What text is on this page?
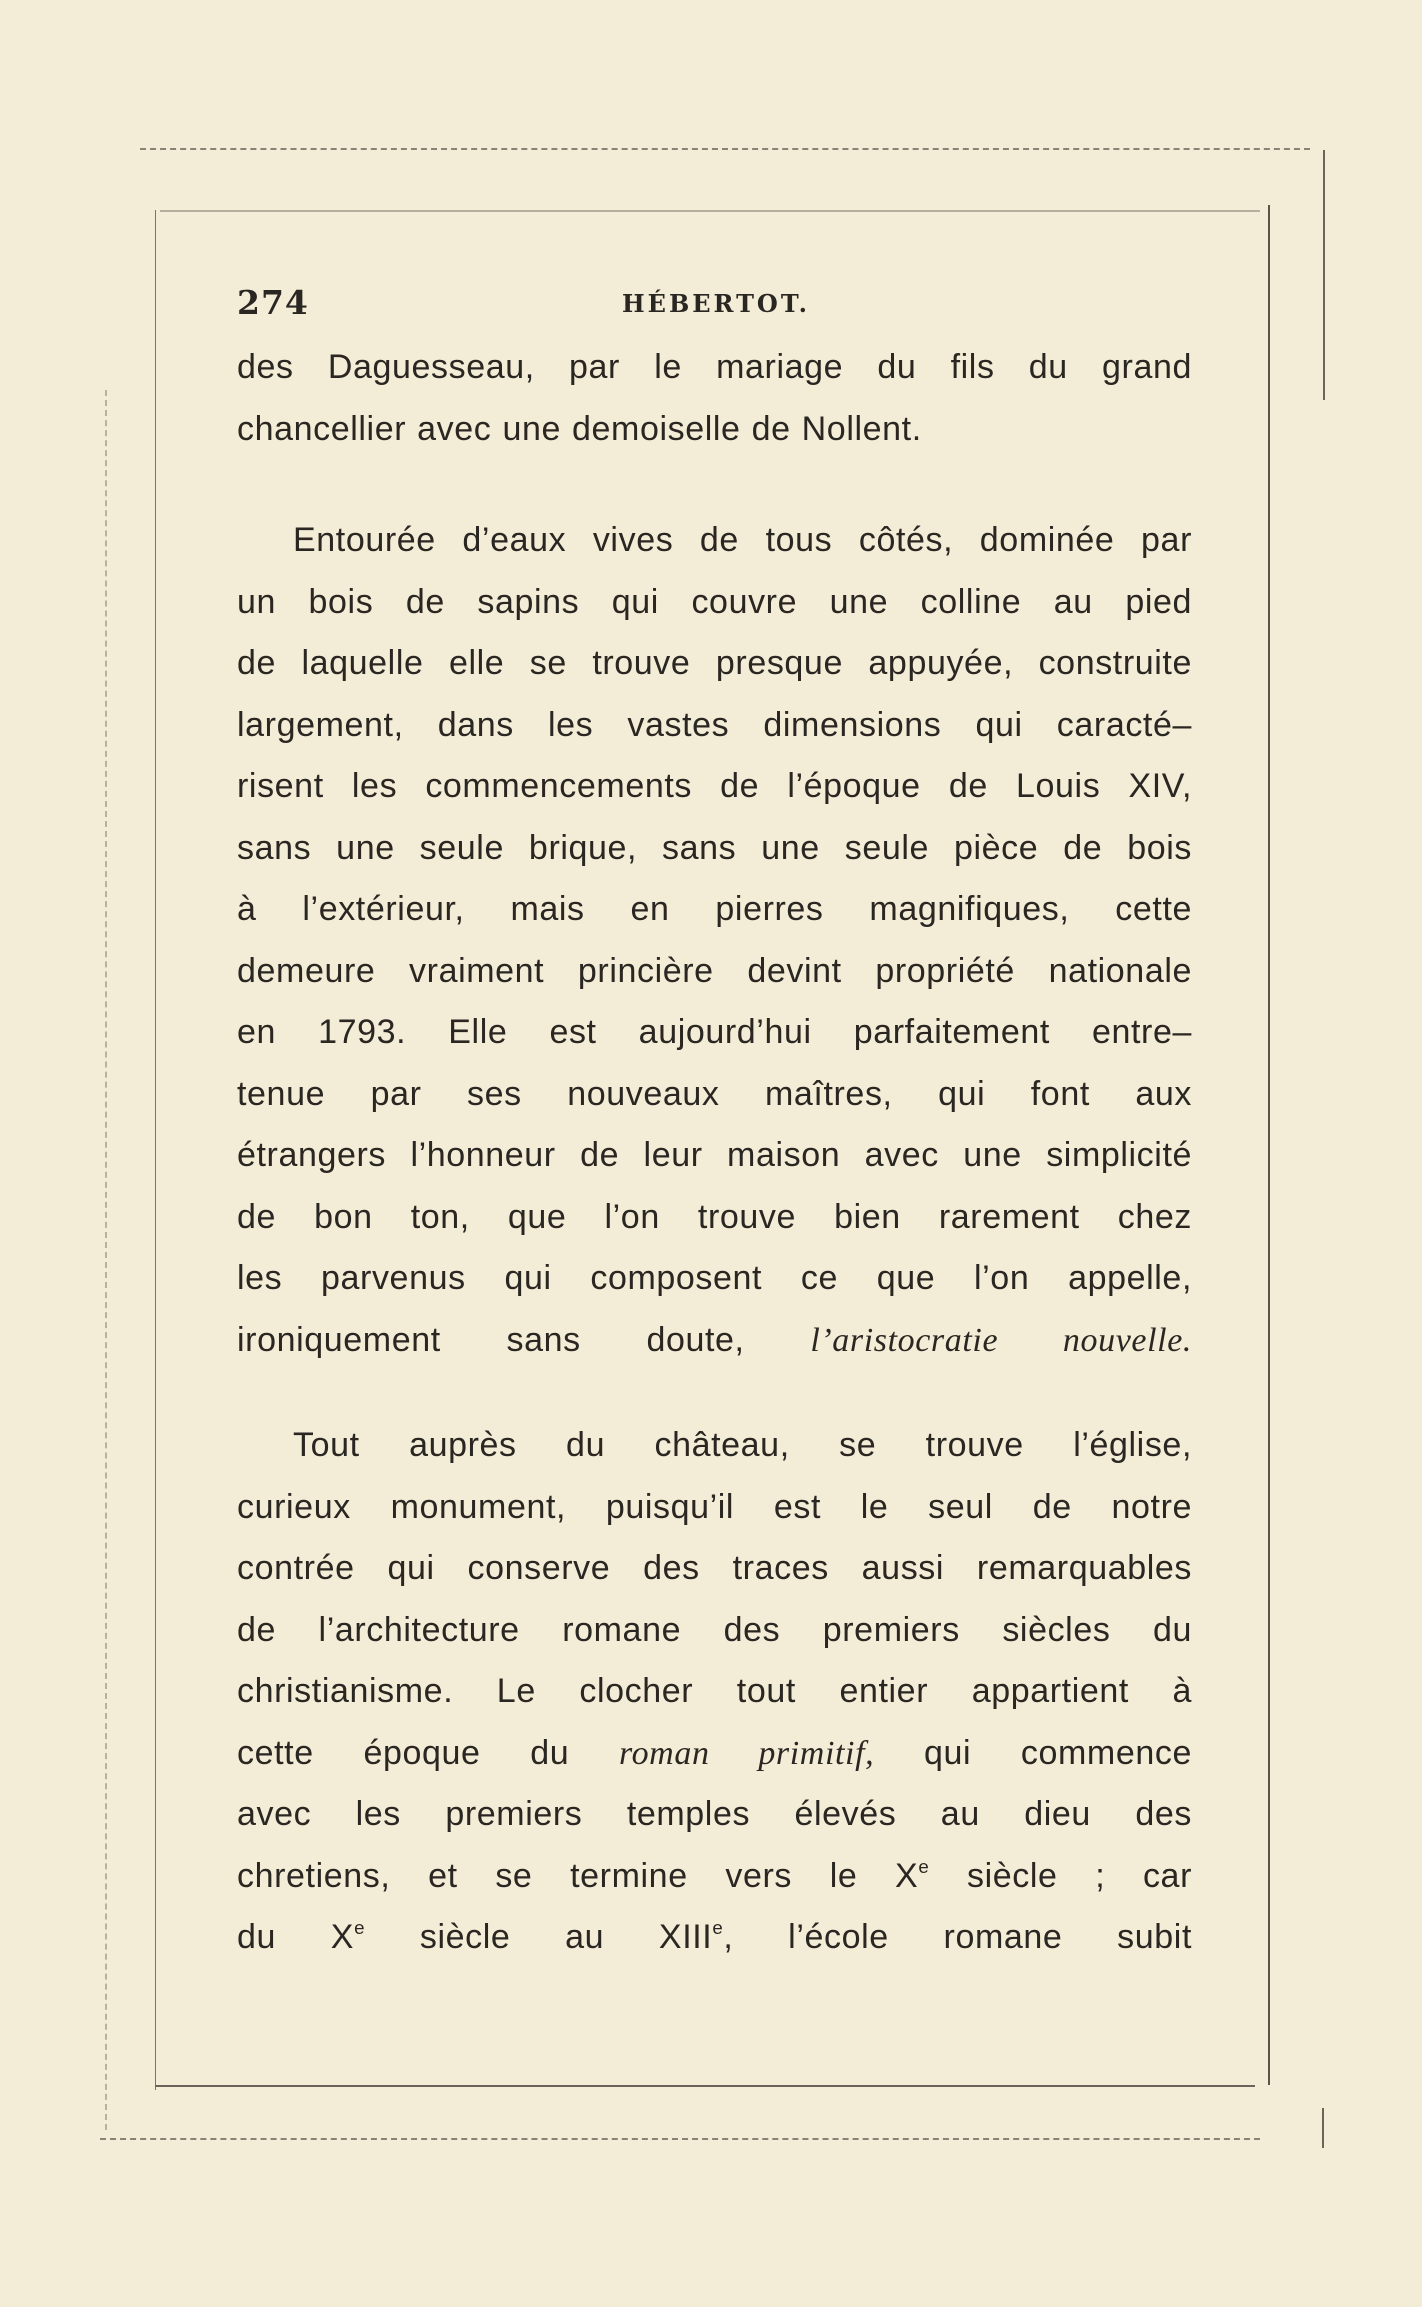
274	HÉBERTOT.

des Daguesseau, par le mariage du fils du grand
chancellier avec une demoiselle de Nollent.

Entourée d’eaux vives de tous côtés, dominée par
un bois de sapins qui couvre une colline au pied
de laquelle elle se trouve presque appuyée, construite
largement, dans les vastes dimensions qui caracté–
risent les commencements de l’époque de Louis XIV,
sans une seule brique, sans une seule pièce de bois
à l’extérieur, mais en pierres magnifiques, cette
demeure vraiment princière devint propriété nationale
en 1793. Elle est aujourd’hui parfaitement entre–
tenue par ses nouveaux maîtres, qui font aux
étrangers l’honneur de leur maison avec une simplicité
de bon ton, que l’on trouve bien rarement chez
les parvenus qui composent ce que l’on appelle,
ironiquement sans doute, l’aristocratie nouvelle.

Tout auprès du château, se trouve l’église,
curieux monument, puisqu’il est le seul de notre
contrée qui conserve des traces aussi remarquables
de l’architecture romane des premiers siècles du
christianisme. Le clocher tout entier appartient à
cette époque du roman primitif, qui commence
avec les premiers temples élevés au dieu des
chretiens, et se termine vers le Xe siècle ; car
du Xe siècle au XIIIe, l’école romane subit
